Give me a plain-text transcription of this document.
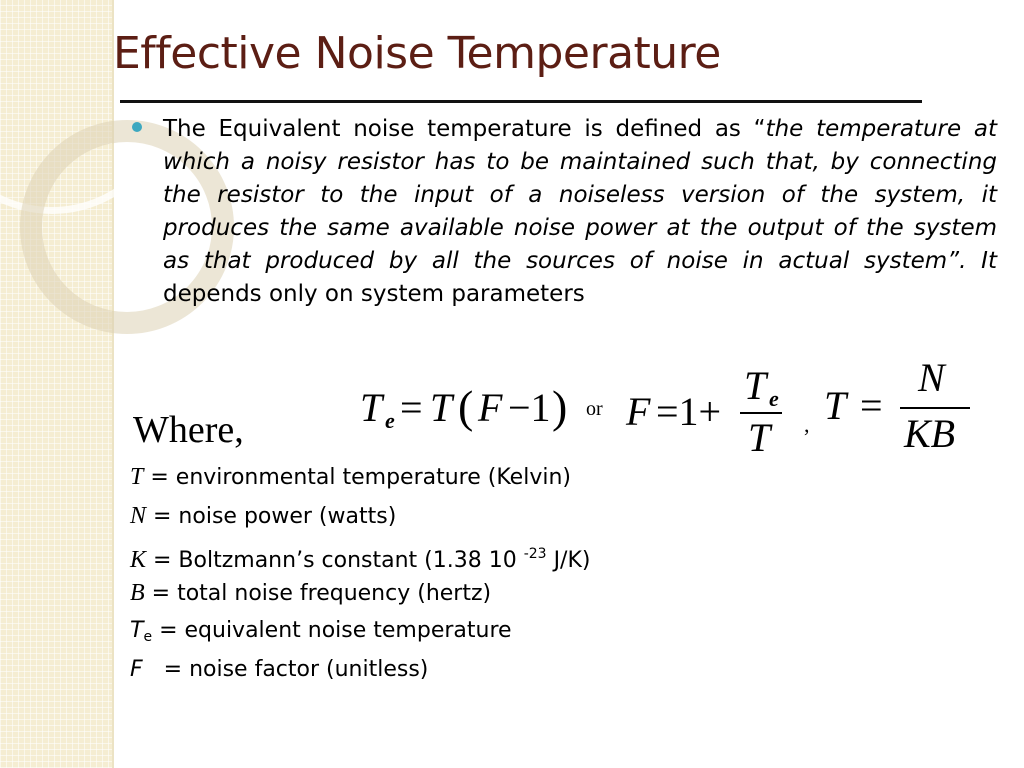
Effective Noise Temperature

The Equivalent noise temperature is defined as “the temperature at which a noisy resistor has to be maintained such that, by connecting the resistor to the input of a noiseless version of the system, it produces the same available noise power at the output of the system as that produced by all the sources of noise in actual system”. It depends only on system parameters

Where,	T e = T ( F −1 ) or F =1+
T e
T , T =
N
KB
T = environmental temperature (Kelvin)
N = noise power (watts)
K = Boltzmann’s constant (1.38 10 $^{-23}$ J/K)
B = total noise frequency (hertz)
$T_e$ = equivalent noise temperature
F   = noise factor (unitless)
